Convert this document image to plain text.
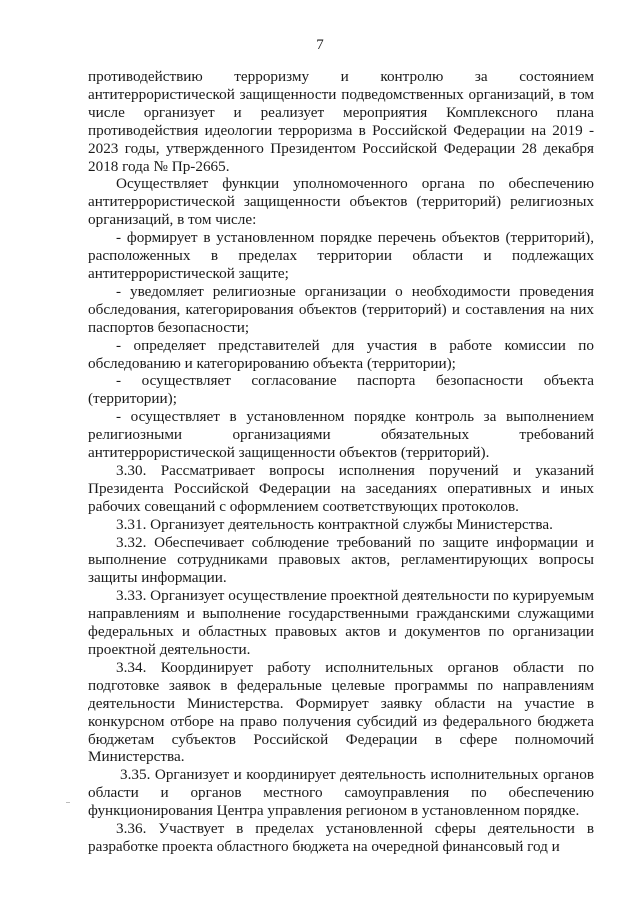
7

противодействию терроризму и контролю за состоянием антитеррористической защищенности подведомственных организаций, в том числе организует и реализует мероприятия Комплексного плана противодействия идеологии терроризма в Российской Федерации на 2019 - 2023 годы, утвержденного Президентом Российской Федерации 28 декабря 2018 года № Пр-2665.

Осуществляет функции уполномоченного органа по обеспечению антитеррористической защищенности объектов (территорий) религиозных организаций, в том числе:

- формирует в установленном порядке перечень объектов (территорий), расположенных в пределах территории области и подлежащих антитеррористической защите;

- уведомляет религиозные организации о необходимости проведения обследования, категорирования объектов (территорий) и составления на них паспортов безопасности;

- определяет представителей для участия в работе комиссии по обследованию и категорированию объекта (территории);

- осуществляет согласование паспорта безопасности объекта (территории);

- осуществляет в установленном порядке контроль за выполнением религиозными организациями обязательных требований антитеррористической защищенности объектов (территорий).

3.30. Рассматривает вопросы исполнения поручений и указаний Президента Российской Федерации на заседаниях оперативных и иных рабочих совещаний с оформлением соответствующих протоколов.

3.31. Организует деятельность контрактной службы Министерства.

3.32. Обеспечивает соблюдение требований по защите информации и выполнение сотрудниками правовых актов, регламентирующих вопросы защиты информации.

3.33. Организует осуществление проектной деятельности по курируемым направлениям и выполнение государственными гражданскими служащими федеральных и областных правовых актов и документов по организации проектной деятельности.

3.34. Координирует работу исполнительных органов области по подготовке заявок в федеральные целевые программы по направлениям деятельности Министерства. Формирует заявку области на участие в конкурсном отборе на право получения субсидий из федерального бюджета бюджетам субъектов Российской Федерации в сфере полномочий Министерства.

3.35. Организует и координирует деятельность исполнительных органов области и органов местного самоуправления по обеспечению функционирования Центра управления регионом в установленном порядке.

3.36. Участвует в пределах установленной сферы деятельности в разработке проекта областного бюджета на очередной финансовый год и
